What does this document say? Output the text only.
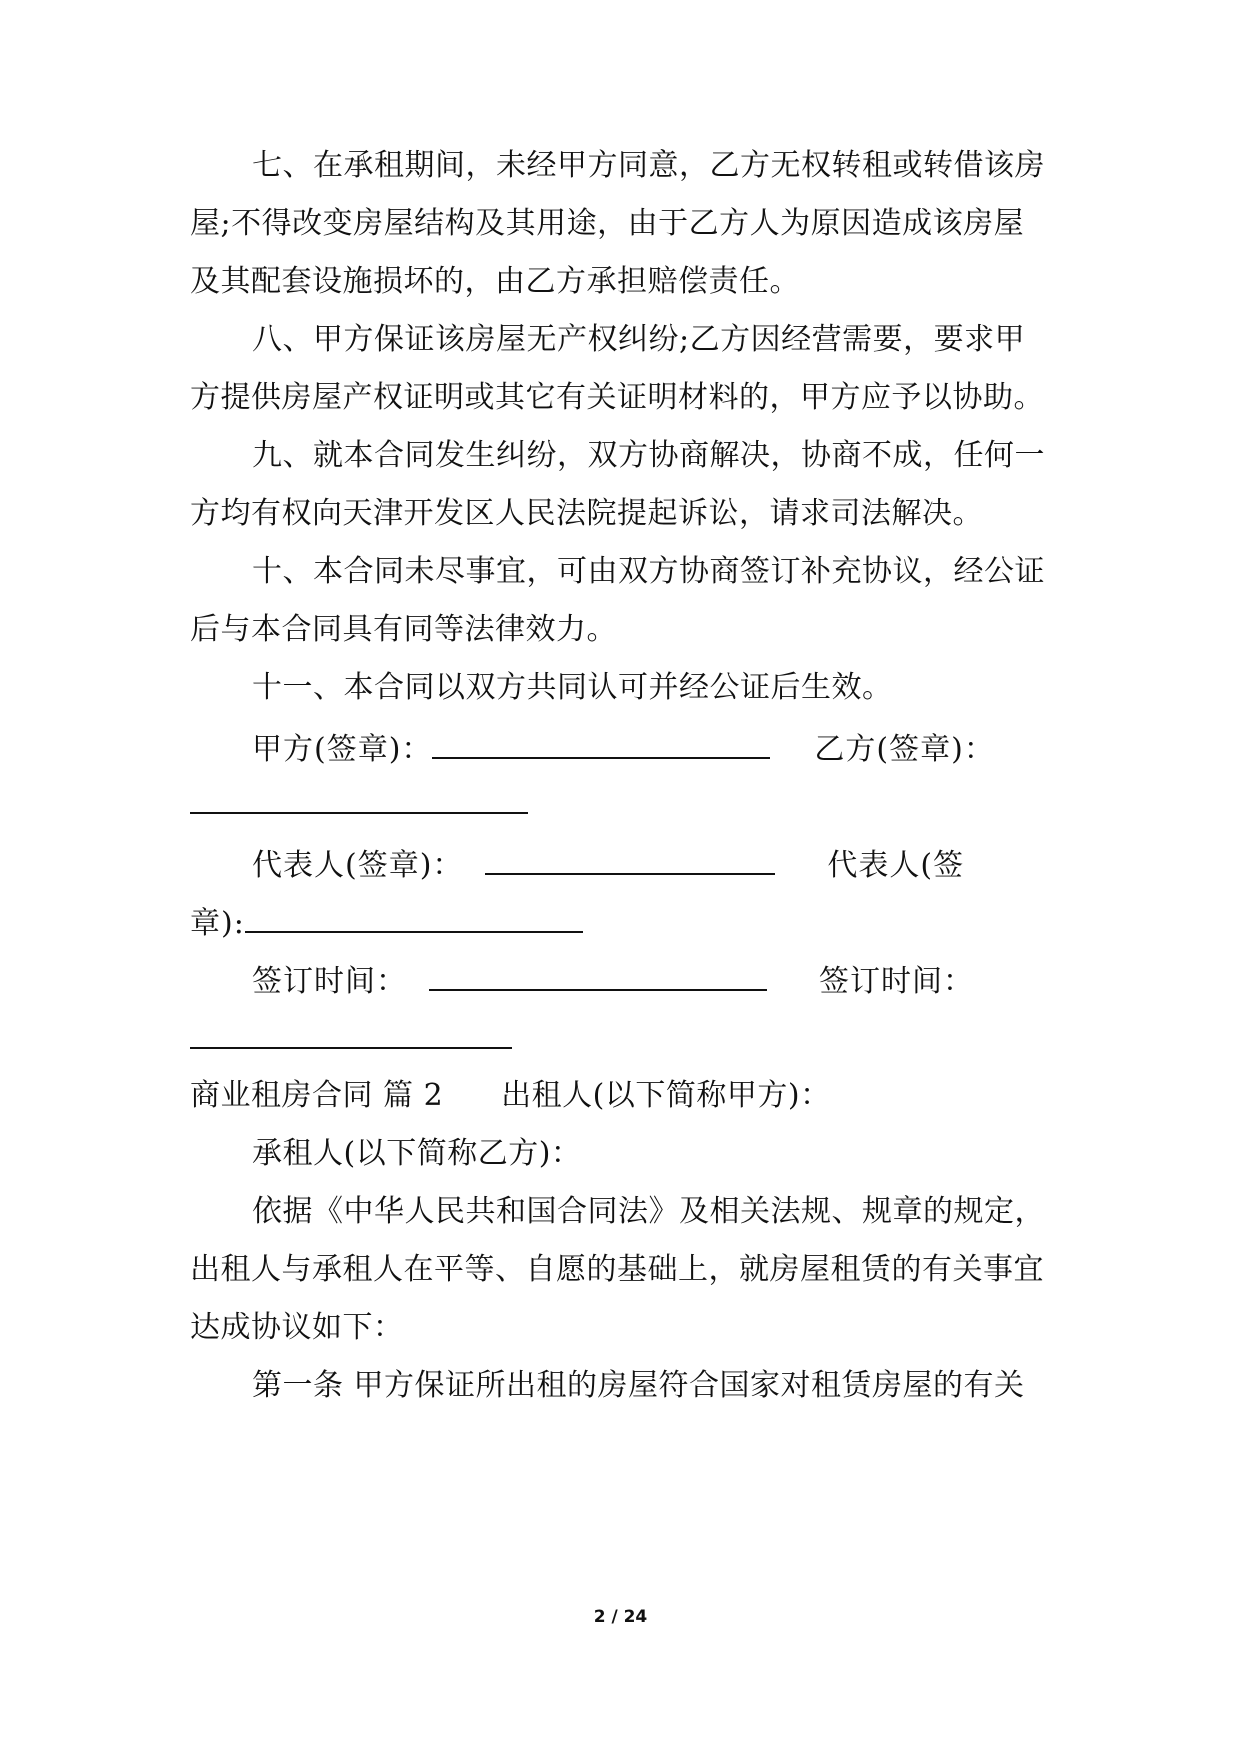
七、在承租期间，未经甲方同意，乙方无权转租或转借该房
屋;不得改变房屋结构及其用途，由于乙方人为原因造成该房屋
及其配套设施损坏的，由乙方承担赔偿责任。
八、甲方保证该房屋无产权纠纷;乙方因经营需要，要求甲
方提供房屋产权证明或其它有关证明材料的，甲方应予以协助。
九、就本合同发生纠纷，双方协商解决，协商不成，任何一
方均有权向天津开发区人民法院提起诉讼，请求司法解决。
十、本合同未尽事宜，可由双方协商签订补充协议，经公证
后与本合同具有同等法律效力。
十一、本合同以双方共同认可并经公证后生效。
甲方(签章)：	乙方(签章)：
代表人(签章)：	代表人(签
章):
签订时间：	签订时间：
商业租房合同 篇 2 出租人(以下简称甲方)：
承租人(以下简称乙方)：
依据《中华人民共和国合同法》及相关法规、规章的规定，
出租人与承租人在平等、自愿的基础上，就房屋租赁的有关事宜
达成协议如下：
第一条 甲方保证所出租的房屋符合国家对租赁房屋的有关
2 / 24
